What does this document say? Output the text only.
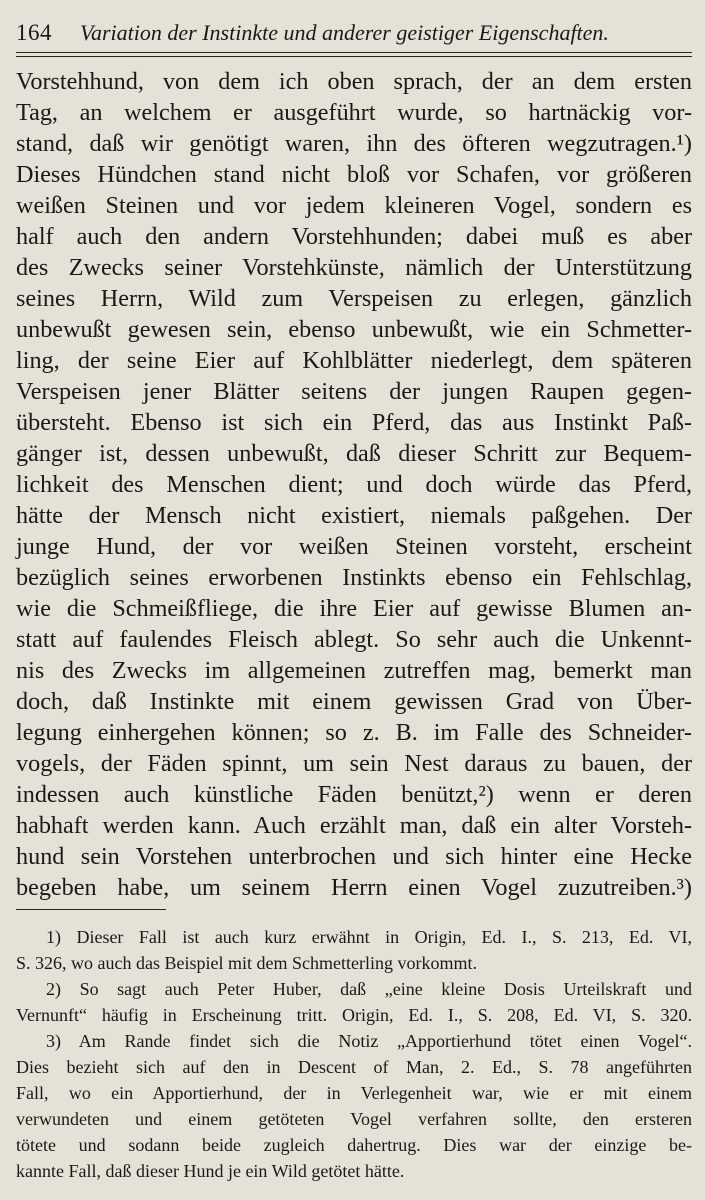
164 Variation der Instinkte und anderer geistiger Eigenschaften.
Vorstehhund, von dem ich oben sprach, der an dem ersten
Tag, an welchem er ausgeführt wurde, so hartnäckig vor-
stand, daß wir genötigt waren, ihn des öfteren wegzutragen.¹)
Dieses Hündchen stand nicht bloß vor Schafen, vor größeren
weißen Steinen und vor jedem kleineren Vogel, sondern es
half auch den andern Vorstehhunden; dabei muß es aber
des Zwecks seiner Vorstehkünste, nämlich der Unterstützung
seines Herrn, Wild zum Verspeisen zu erlegen, gänzlich
unbewußt gewesen sein, ebenso unbewußt, wie ein Schmetter-
ling, der seine Eier auf Kohlblätter niederlegt, dem späteren
Verspeisen jener Blätter seitens der jungen Raupen gegen-
übersteht. Ebenso ist sich ein Pferd, das aus Instinkt Paß-
gänger ist, dessen unbewußt, daß dieser Schritt zur Bequem-
lichkeit des Menschen dient; und doch würde das Pferd,
hätte der Mensch nicht existiert, niemals paßgehen. Der
junge Hund, der vor weißen Steinen vorsteht, erscheint
bezüglich seines erworbenen Instinkts ebenso ein Fehlschlag,
wie die Schmeißfliege, die ihre Eier auf gewisse Blumen an-
statt auf faulendes Fleisch ablegt. So sehr auch die Unkennt-
nis des Zwecks im allgemeinen zutreffen mag, bemerkt man
doch, daß Instinkte mit einem gewissen Grad von Über-
legung einhergehen können; so z. B. im Falle des Schneider-
vogels, der Fäden spinnt, um sein Nest daraus zu bauen, der
indessen auch künstliche Fäden benützt,²) wenn er deren
habhaft werden kann. Auch erzählt man, daß ein alter Vorsteh-
hund sein Vorstehen unterbrochen und sich hinter eine Hecke
begeben habe, um seinem Herrn einen Vogel zuzutreiben.³)
1) Dieser Fall ist auch kurz erwähnt in Origin, Ed. I., S. 213, Ed. VI,
S. 326, wo auch das Beispiel mit dem Schmetterling vorkommt.
2) So sagt auch Peter Huber, daß „eine kleine Dosis Urteilskraft und
Vernunft“ häufig in Erscheinung tritt. Origin, Ed. I., S. 208, Ed. VI, S. 320.
3) Am Rande findet sich die Notiz „Apportierhund tötet einen Vogel“.
Dies bezieht sich auf den in Descent of Man, 2. Ed., S. 78 angeführten
Fall, wo ein Apportierhund, der in Verlegenheit war, wie er mit einem
verwundeten und einem getöteten Vogel verfahren sollte, den ersteren
tötete und sodann beide zugleich dahertrug. Dies war der einzige be-
kannte Fall, daß dieser Hund je ein Wild getötet hätte.
